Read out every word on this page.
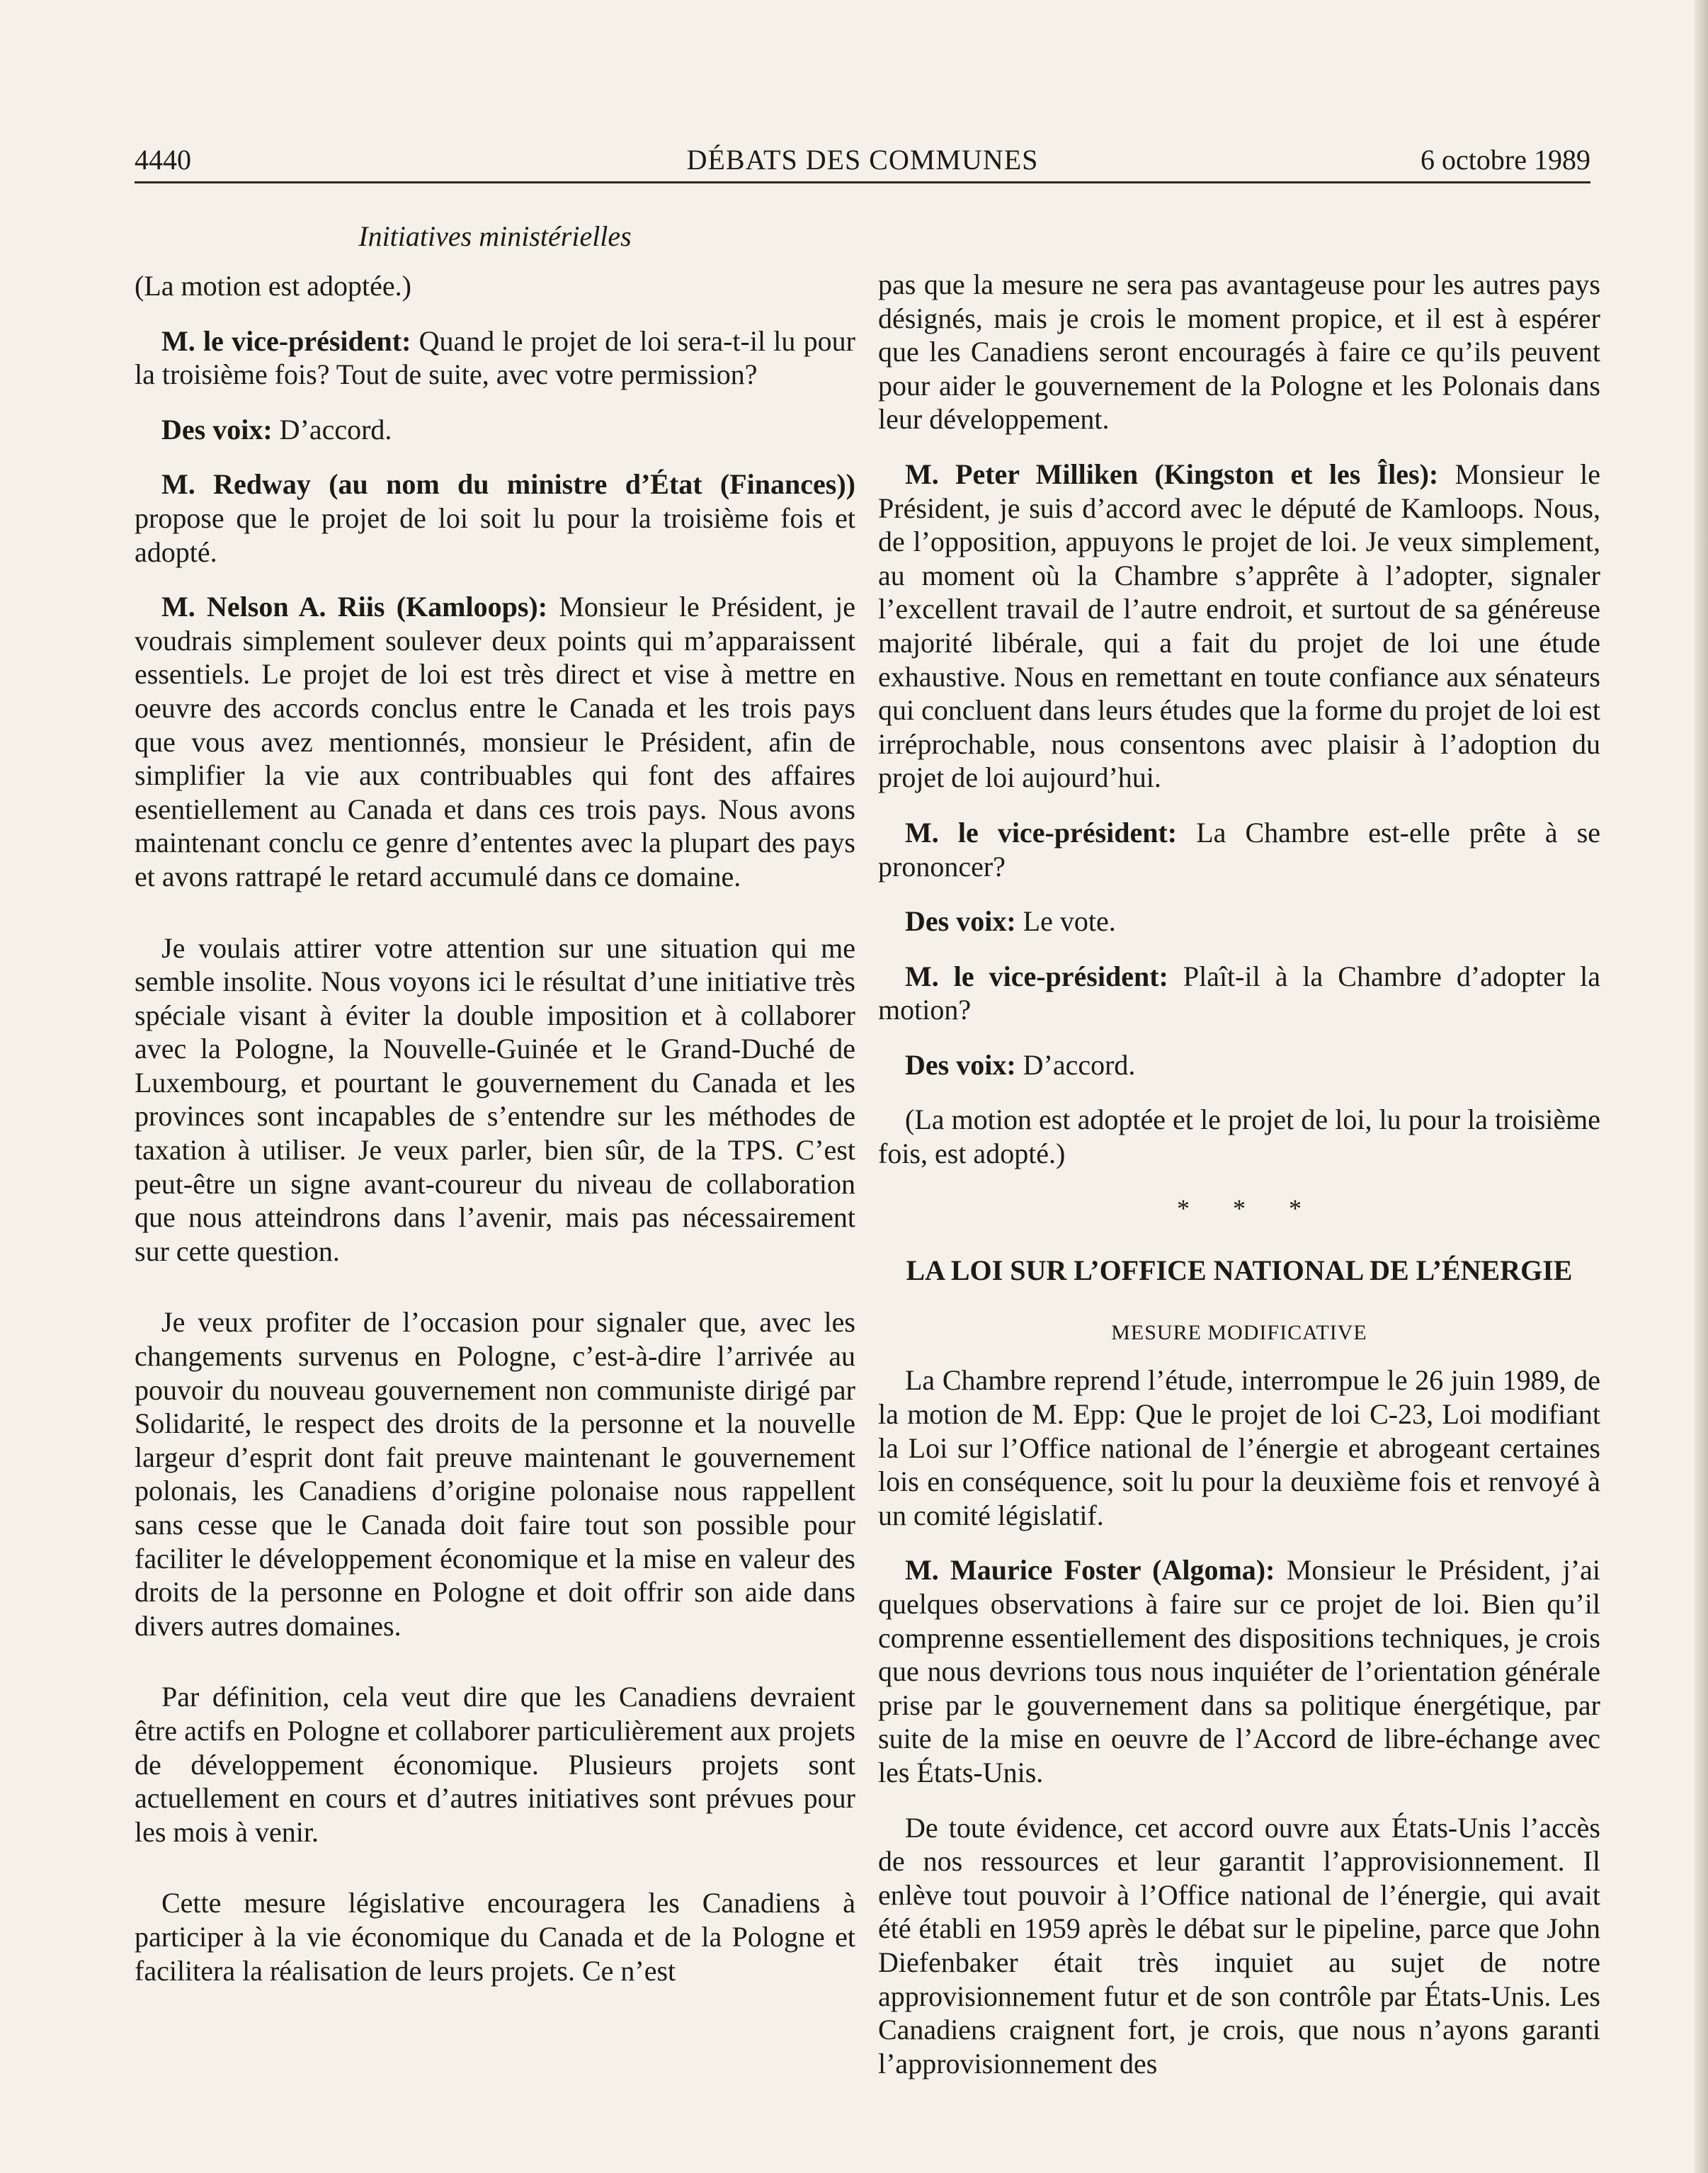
4440	DÉBATS DES COMMUNES	6 octobre 1989
Initiatives ministérielles

(La motion est adoptée.)

M. le vice-président: Quand le projet de loi sera-t-il lu pour la troisième fois? Tout de suite, avec votre permission?

Des voix: D’accord.

M. Redway (au nom du ministre d’État (Finances)) propose que le projet de loi soit lu pour la troisième fois et adopté.

M. Nelson A. Riis (Kamloops): Monsieur le Président, je voudrais simplement soulever deux points qui m’apparaissent essentiels. Le projet de loi est très direct et vise à mettre en oeuvre des accords conclus entre le Canada et les trois pays que vous avez mentionnés, monsieur le Président, afin de simplifier la vie aux contribuables qui font des affaires esentiellement au Canada et dans ces trois pays. Nous avons maintenant conclu ce genre d’ententes avec la plupart des pays et avons rattrapé le retard accumulé dans ce domaine.

Je voulais attirer votre attention sur une situation qui me semble insolite. Nous voyons ici le résultat d’une initiative très spéciale visant à éviter la double imposition et à collaborer avec la Pologne, la Nouvelle-Guinée et le Grand-Duché de Luxembourg, et pourtant le gouvernement du Canada et les provinces sont incapables de s’entendre sur les méthodes de taxation à utiliser. Je veux parler, bien sûr, de la TPS. C’est peut-être un signe avant-coureur du niveau de collaboration que nous atteindrons dans l’avenir, mais pas nécessairement sur cette question.

Je veux profiter de l’occasion pour signaler que, avec les changements survenus en Pologne, c’est-à-dire l’arrivée au pouvoir du nouveau gouvernement non communiste dirigé par Solidarité, le respect des droits de la personne et la nouvelle largeur d’esprit dont fait preuve maintenant le gouvernement polonais, les Canadiens d’origine polonaise nous rappellent sans cesse que le Canada doit faire tout son possible pour faciliter le développement économique et la mise en valeur des droits de la personne en Pologne et doit offrir son aide dans divers autres domaines.

Par définition, cela veut dire que les Canadiens devraient être actifs en Pologne et collaborer particulièrement aux projets de développement économique. Plusieurs projets sont actuellement en cours et d’autres initiatives sont prévues pour les mois à venir.

Cette mesure législative encouragera les Canadiens à participer à la vie économique du Canada et de la Pologne et facilitera la réalisation de leurs projets. Ce n’est

pas que la mesure ne sera pas avantageuse pour les autres pays désignés, mais je crois le moment propice, et il est à espérer que les Canadiens seront encouragés à faire ce qu’ils peuvent pour aider le gouvernement de la Pologne et les Polonais dans leur développement.

M. Peter Milliken (Kingston et les Îles): Monsieur le Président, je suis d’accord avec le député de Kamloops. Nous, de l’opposition, appuyons le projet de loi. Je veux simplement, au moment où la Chambre s’apprête à l’adopter, signaler l’excellent travail de l’autre endroit, et surtout de sa généreuse majorité libérale, qui a fait du projet de loi une étude exhaustive. Nous en remettant en toute confiance aux sénateurs qui concluent dans leurs études que la forme du projet de loi est irréprochable, nous consentons avec plaisir à l’adoption du projet de loi aujourd’hui.

M. le vice-président: La Chambre est-elle prête à se prononcer?

Des voix: Le vote.

M. le vice-président: Plaît-il à la Chambre d’adopter la motion?

Des voix: D’accord.

(La motion est adoptée et le projet de loi, lu pour la troisième fois, est adopté.)

* * *
LA LOI SUR L’OFFICE NATIONAL DE L’ÉNERGIE
MESURE MODIFICATIVE

La Chambre reprend l’étude, interrompue le 26 juin 1989, de la motion de M. Epp: Que le projet de loi C-23, Loi modifiant la Loi sur l’Office national de l’énergie et abrogeant certaines lois en conséquence, soit lu pour la deuxième fois et renvoyé à un comité législatif.

M. Maurice Foster (Algoma): Monsieur le Président, j’ai quelques observations à faire sur ce projet de loi. Bien qu’il comprenne essentiellement des dispositions techniques, je crois que nous devrions tous nous inquiéter de l’orientation générale prise par le gouvernement dans sa politique énergétique, par suite de la mise en oeuvre de l’Accord de libre-échange avec les États-Unis.

De toute évidence, cet accord ouvre aux États-Unis l’accès de nos ressources et leur garantit l’approvisionnement. Il enlève tout pouvoir à l’Office national de l’énergie, qui avait été établi en 1959 après le débat sur le pipeline, parce que John Diefenbaker était très inquiet au sujet de notre approvisionnement futur et de son contrôle par États-Unis. Les Canadiens craignent fort, je crois, que nous n’ayons garanti l’approvisionnement des
